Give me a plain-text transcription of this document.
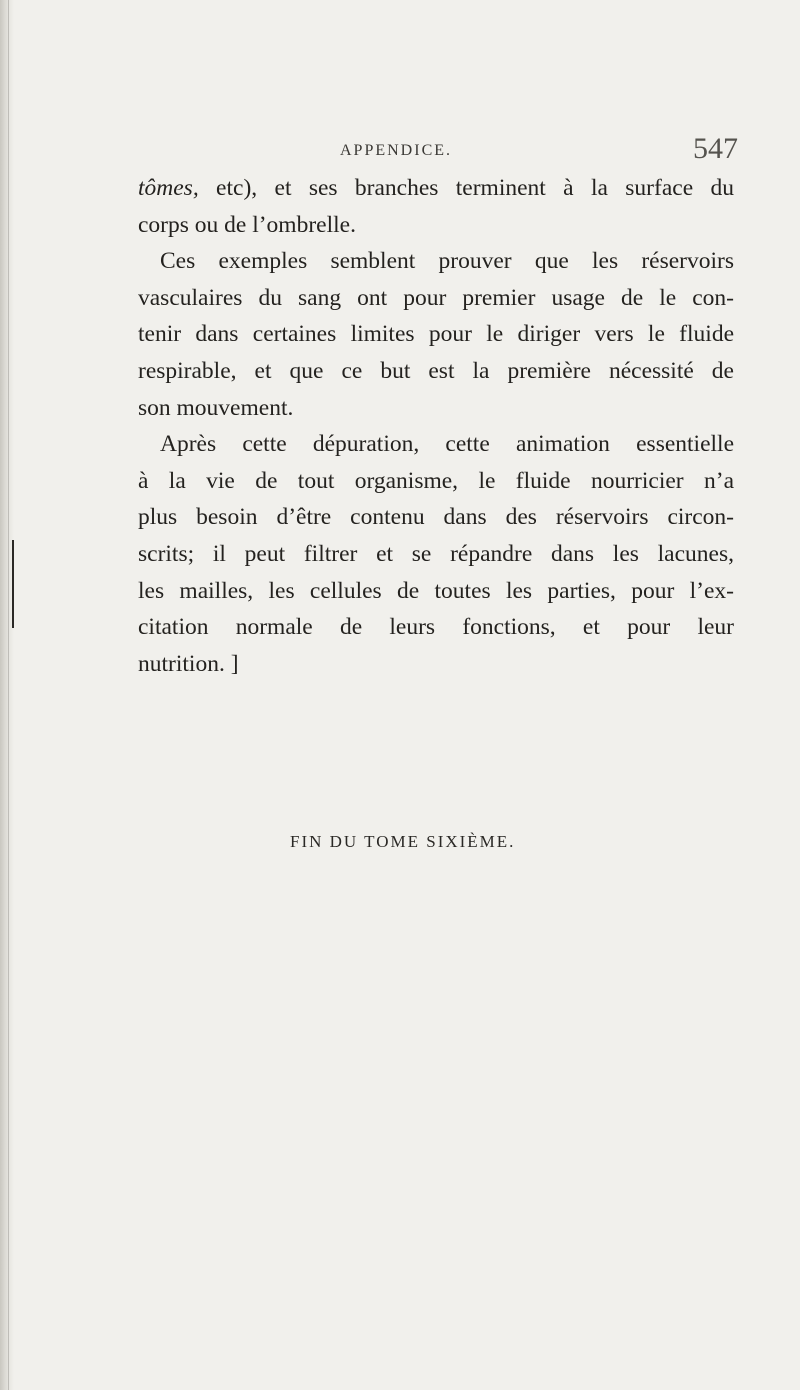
APPENDICE.	547
tômes, etc), et ses branches terminent à la surface du
corps ou de l’ombrelle.
Ces exemples semblent prouver que les réservoirs
vasculaires du sang ont pour premier usage de le con-
tenir dans certaines limites pour le diriger vers le fluide
respirable, et que ce but est la première nécessité de
son mouvement.
Après cette dépuration, cette animation essentielle
à la vie de tout organisme, le fluide nourricier n’a
plus besoin d’être contenu dans des réservoirs circon-
scrits; il peut filtrer et se répandre dans les lacunes,
les mailles, les cellules de toutes les parties, pour l’ex-
citation normale de leurs fonctions, et pour leur
nutrition. ]
FIN DU TOME SIXIÈME.
